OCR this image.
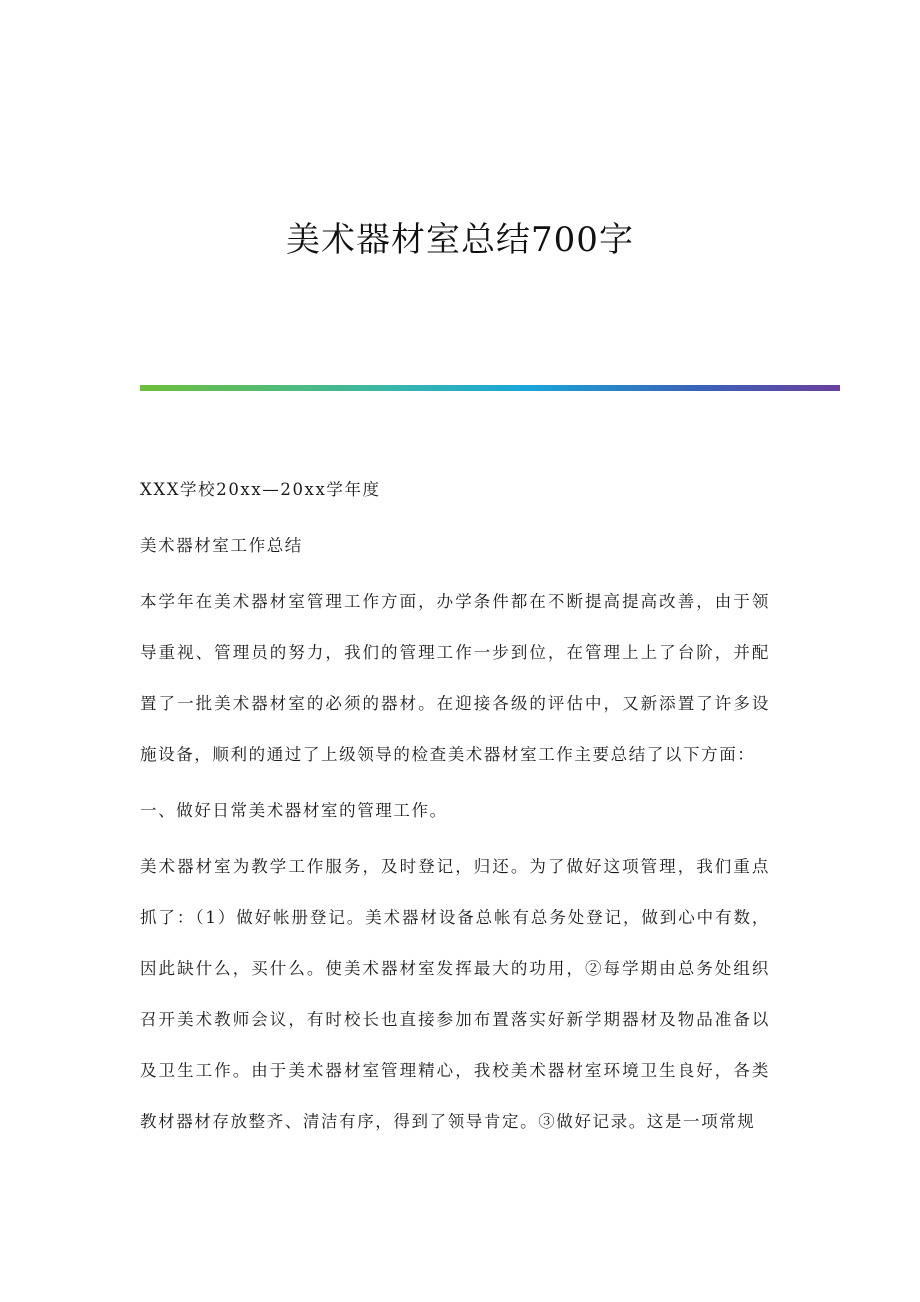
美术器材室总结700字

XXX学校20xx—20xx学年度

美术器材室工作总结

本学年在美术器材室管理工作方面，办学条件都在不断提高提高改善，由于领导重视、管理员的努力，我们的管理工作一步到位，在管理上上了台阶，并配置了一批美术器材室的必须的器材。在迎接各级的评估中，又新添置了许多设施设备，顺利的通过了上级领导的检查美术器材室工作主要总结了以下方面：

一、做好日常美术器材室的管理工作。

美术器材室为教学工作服务，及时登记，归还。为了做好这项管理，我们重点抓了：（1）做好帐册登记。美术器材设备总帐有总务处登记，做到心中有数，因此缺什么，买什么。使美术器材室发挥最大的功用，②每学期由总务处组织召开美术教师会议，有时校长也直接参加布置落实好新学期器材及物品准备以及卫生工作。由于美术器材室管理精心，我校美术器材室环境卫生良好，各类教材器材存放整齐、清洁有序，得到了领导肯定。③做好记录。这是一项常规
